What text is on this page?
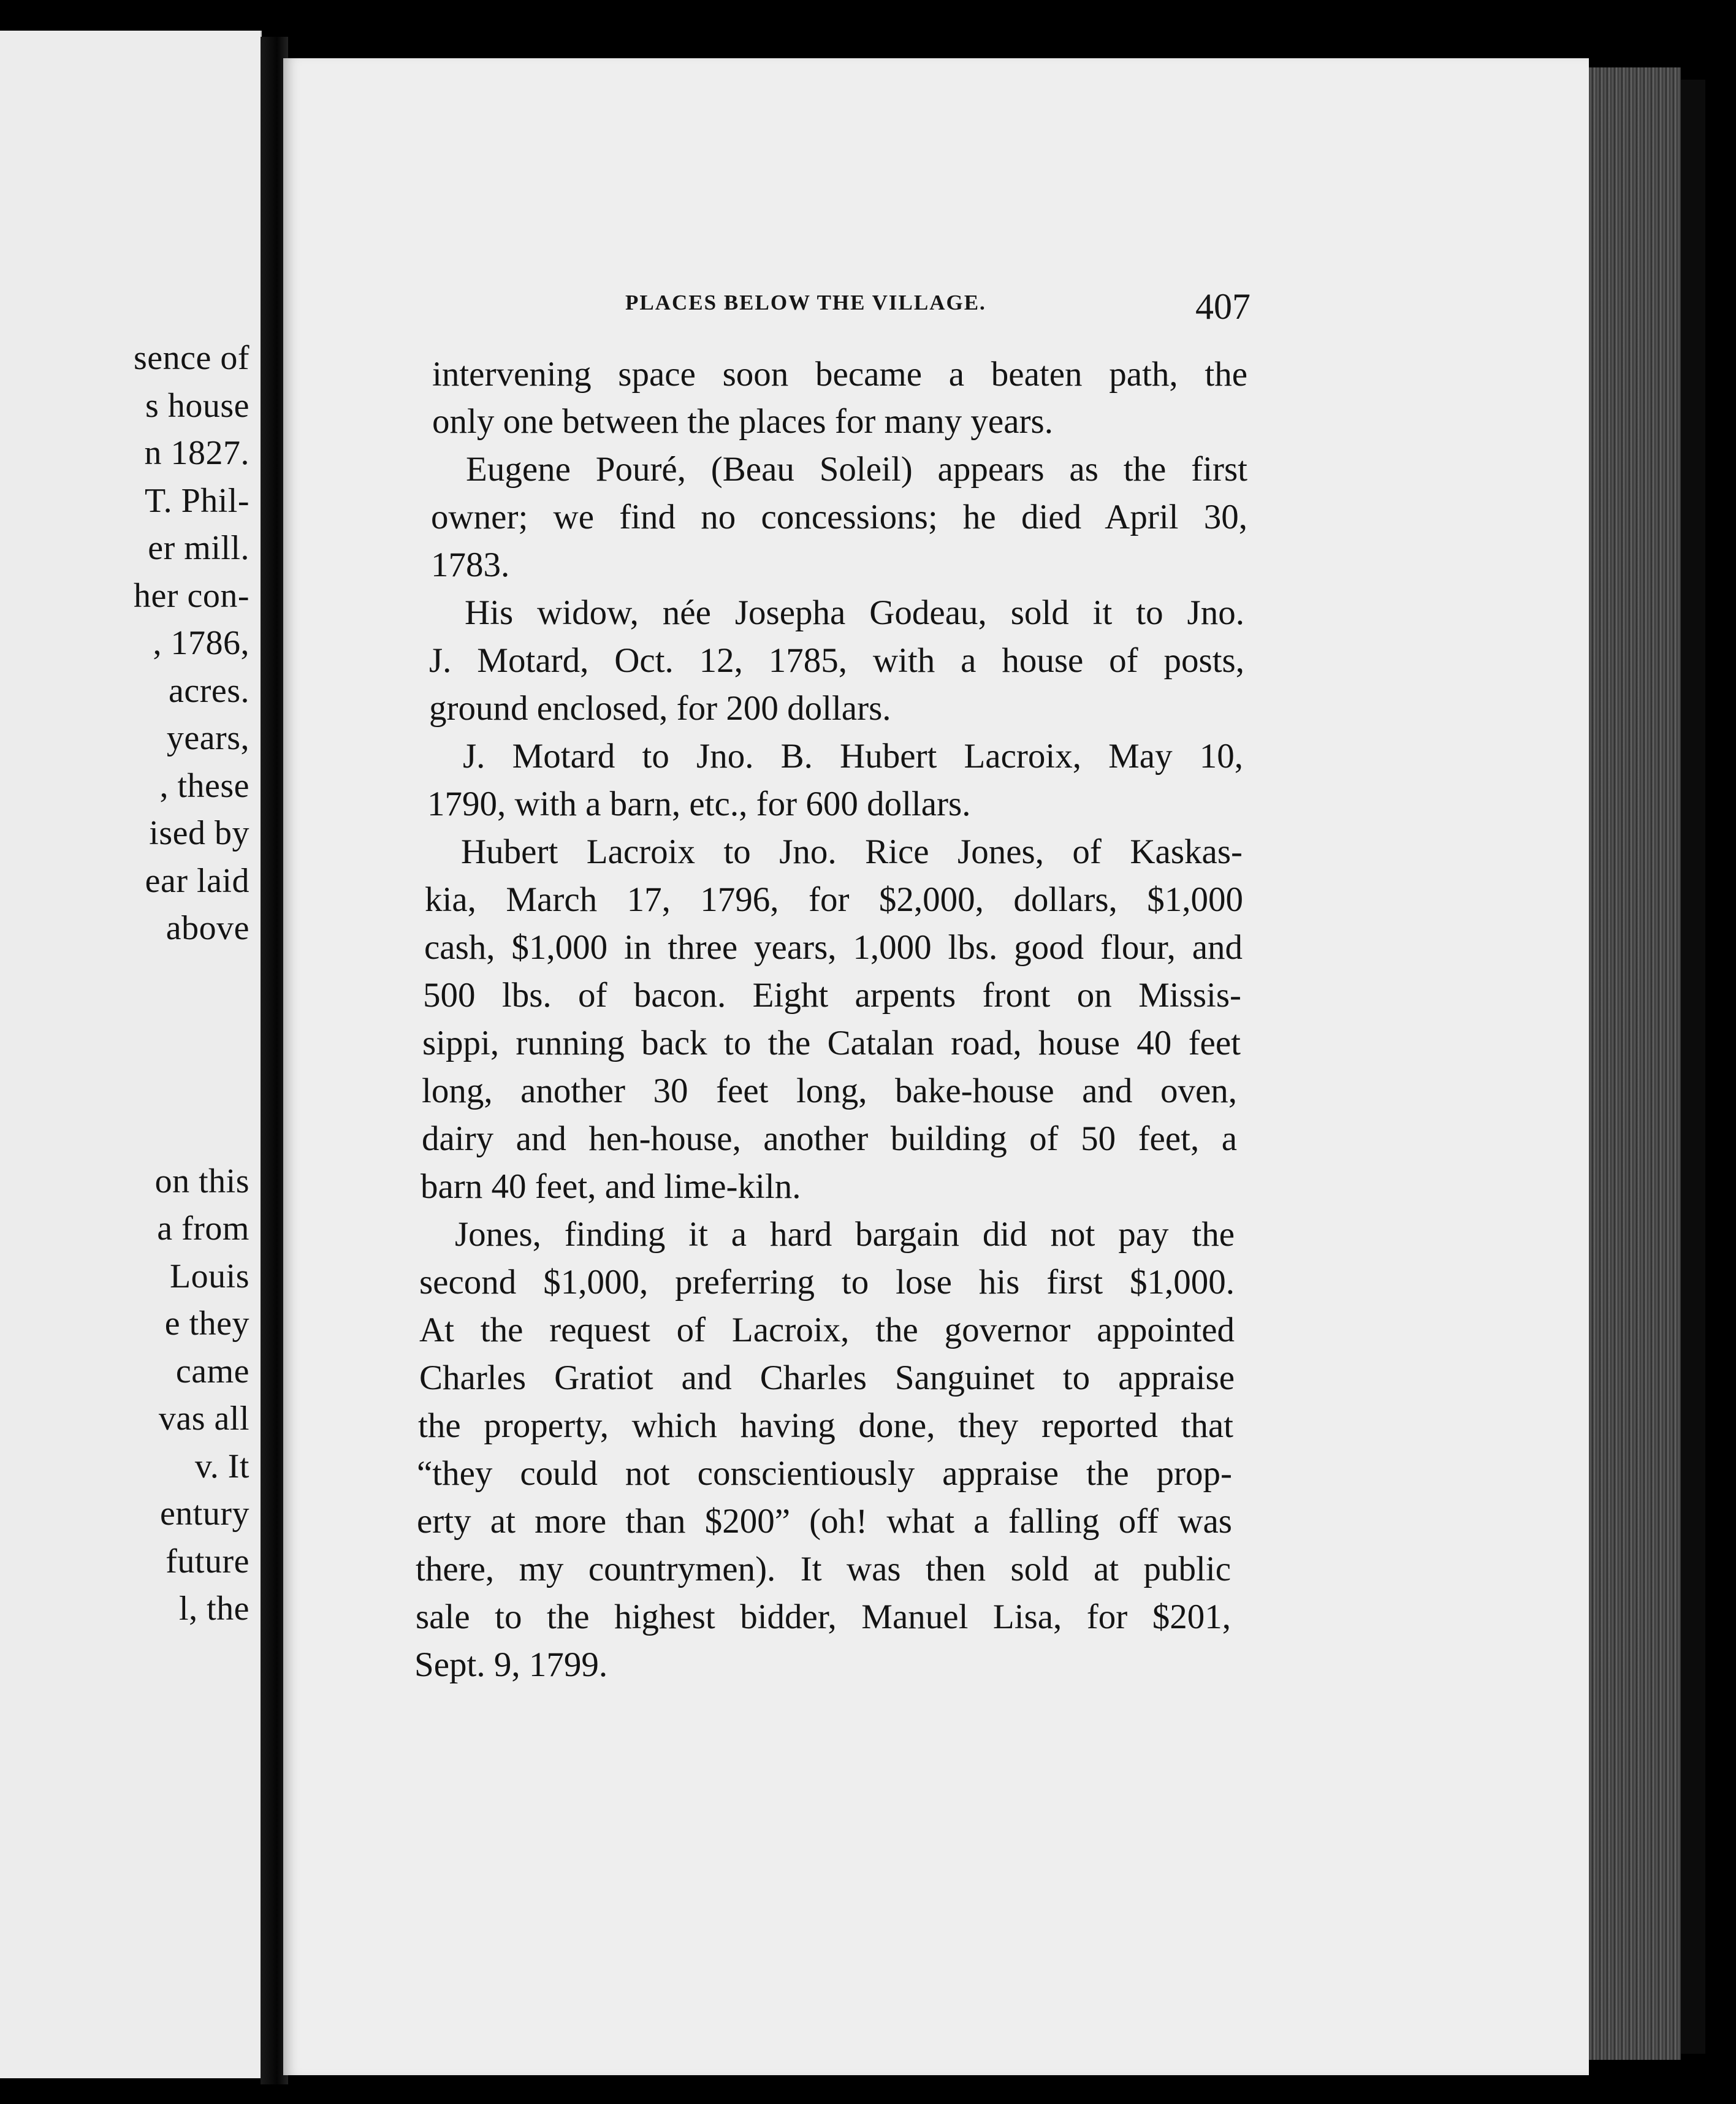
sence of
s house
n 1827.
T. Phil-
er mill.
her con-
, 1786,
acres.
years,
, these
ised by
ear laid
above
on this
a from
Louis
e they
came
vas all
v. It
entury
future
l, the
PLACES BELOW THE VILLAGE.	407
intervening space soon became a beaten path, the
only one between the places for many years.
Eugene Pouré, (Beau Soleil) appears as the first
owner; we find no concessions; he died April 30,
1783.
His widow, née Josepha Godeau, sold it to Jno.
J. Motard, Oct. 12, 1785, with a house of posts,
ground enclosed, for 200 dollars.
J. Motard to Jno. B. Hubert Lacroix, May 10,
1790, with a barn, etc., for 600 dollars.
Hubert Lacroix to Jno. Rice Jones, of Kaskas-
kia, March 17, 1796, for $2,000, dollars, $1,000
cash, $1,000 in three years, 1,000 lbs. good flour, and
500 lbs. of bacon. Eight arpents front on Missis-
sippi, running back to the Catalan road, house 40 feet
long, another 30 feet long, bake-house and oven,
dairy and hen-house, another building of 50 feet, a
barn 40 feet, and lime-kiln.
Jones, finding it a hard bargain did not pay the
second $1,000, preferring to lose his first $1,000.
At the request of Lacroix, the governor appointed
Charles Gratiot and Charles Sanguinet to appraise
the property, which having done, they reported that
“they could not conscientiously appraise the prop-
erty at more than $200” (oh! what a falling off was
there, my countrymen). It was then sold at public
sale to the highest bidder, Manuel Lisa, for $201,
Sept. 9, 1799.
